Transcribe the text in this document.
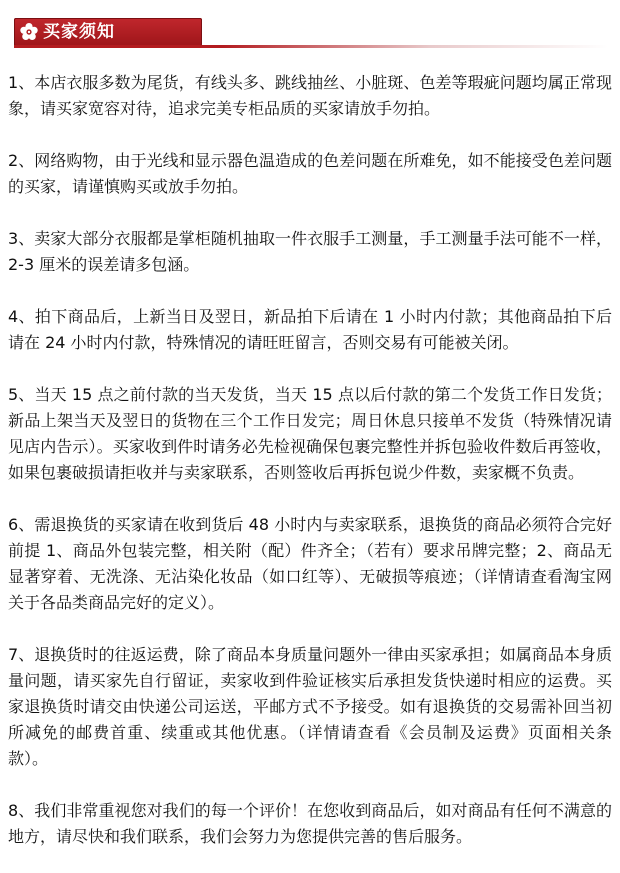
买家须知
1、本店衣服多数为尾货，有线头多、跳线抽丝、小脏斑、色差等瑕疵问题均属正常现象，请买家宽容对待，追求完美专柜品质的买家请放手勿拍。
2、网络购物，由于光线和显示器色温造成的色差问题在所难免，如不能接受色差问题的买家，请谨慎购买或放手勿拍。
3、卖家大部分衣服都是掌柜随机抽取一件衣服手工测量，手工测量手法可能不一样，2-3 厘米的误差请多包涵。
4、拍下商品后，上新当日及翌日，新品拍下后请在 1 小时内付款；其他商品拍下后请在 24 小时内付款，特殊情况的请旺旺留言，否则交易有可能被关闭。
5、当天 15 点之前付款的当天发货，当天 15 点以后付款的第二个发货工作日发货；新品上架当天及翌日的货物在三个工作日发完；周日休息只接单不发货（特殊情况请见店内告示）。买家收到件时请务必先检视确保包裹完整性并拆包验收件数后再签收，如果包裹破损请拒收并与卖家联系，否则签收后再拆包说少件数，卖家概不负责。
6、需退换货的买家请在收到货后 48 小时内与卖家联系，退换货的商品必须符合完好前提 1、商品外包装完整，相关附（配）件齐全；（若有）要求吊牌完整；2、商品无显著穿着、无洗涤、无沾染化妆品（如口红等）、无破损等痕迹；（详情请查看淘宝网关于各品类商品完好的定义）。
7、退换货时的往返运费，除了商品本身质量问题外一律由买家承担；如属商品本身质量问题，请买家先自行留证，卖家收到件验证核实后承担发货快递时相应的运费。买家退换货时请交由快递公司运送，平邮方式不予接受。如有退换货的交易需补回当初所减免的邮费首重、续重或其他优惠。（详情请查看《会员制及运费》页面相关条款）。
8、我们非常重视您对我们的每一个评价！在您收到商品后，如对商品有任何不满意的地方，请尽快和我们联系，我们会努力为您提供完善的售后服务。
